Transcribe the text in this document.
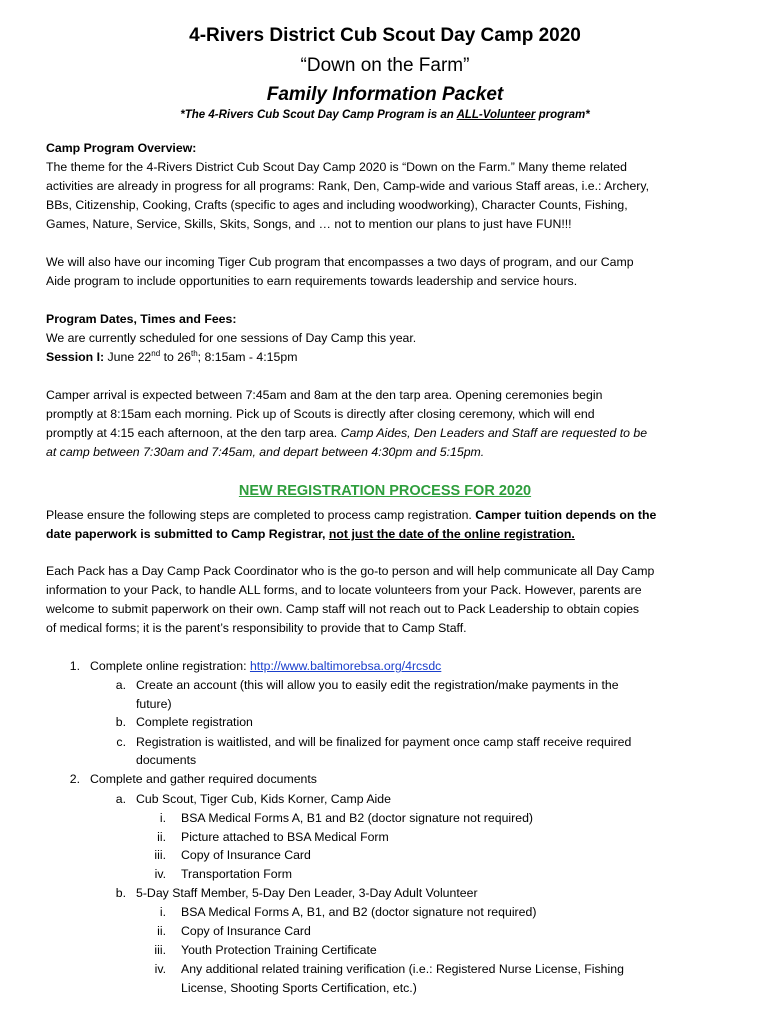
4-Rivers District Cub Scout Day Camp 2020
“Down on the Farm”
Family Information Packet
*The 4-Rivers Cub Scout Day Camp Program is an ALL-Volunteer program*
Camp Program Overview:
The theme for the 4-Rivers District Cub Scout Day Camp 2020 is “Down on the Farm.” Many theme related
activities are already in progress for all programs: Rank, Den, Camp-wide and various Staff areas, i.e.: Archery,
BBs, Citizenship, Cooking, Crafts (specific to ages and including woodworking), Character Counts, Fishing,
Games, Nature, Service, Skills, Skits, Songs, and … not to mention our plans to just have FUN!!!
We will also have our incoming Tiger Cub program that encompasses a two days of program, and our Camp
Aide program to include opportunities to earn requirements towards leadership and service hours.
Program Dates, Times and Fees:
We are currently scheduled for one sessions of Day Camp this year.
Session I: June 22nd to 26th; 8:15am - 4:15pm
Camper arrival is expected between 7:45am and 8am at the den tarp area. Opening ceremonies begin
promptly at 8:15am each morning. Pick up of Scouts is directly after closing ceremony, which will end
promptly at 4:15 each afternoon, at the den tarp area. Camp Aides, Den Leaders and Staff are requested to be
at camp between 7:30am and 7:45am, and depart between 4:30pm and 5:15pm.
NEW REGISTRATION PROCESS FOR 2020
Please ensure the following steps are completed to process camp registration. Camper tuition depends on the
date paperwork is submitted to Camp Registrar, not just the date of the online registration.
Each Pack has a Day Camp Pack Coordinator who is the go-to person and will help communicate all Day Camp
information to your Pack, to handle ALL forms, and to locate volunteers from your Pack. However, parents are
welcome to submit paperwork on their own. Camp staff will not reach out to Pack Leadership to obtain copies
of medical forms; it is the parent’s responsibility to provide that to Camp Staff.
1. Complete online registration: http://www.baltimorebsa.org/4rcsdc
a. Create an account (this will allow you to easily edit the registration/make payments in the
future)
b. Complete registration
c. Registration is waitlisted, and will be finalized for payment once camp staff receive required
documents
2. Complete and gather required documents
a. Cub Scout, Tiger Cub, Kids Korner, Camp Aide
i. BSA Medical Forms A, B1 and B2 (doctor signature not required)
ii. Picture attached to BSA Medical Form
iii. Copy of Insurance Card
iv. Transportation Form
b. 5-Day Staff Member, 5-Day Den Leader, 3-Day Adult Volunteer
i. BSA Medical Forms A, B1, and B2 (doctor signature not required)
ii. Copy of Insurance Card
iii. Youth Protection Training Certificate
iv. Any additional related training verification (i.e.: Registered Nurse License, Fishing
License, Shooting Sports Certification, etc.)
